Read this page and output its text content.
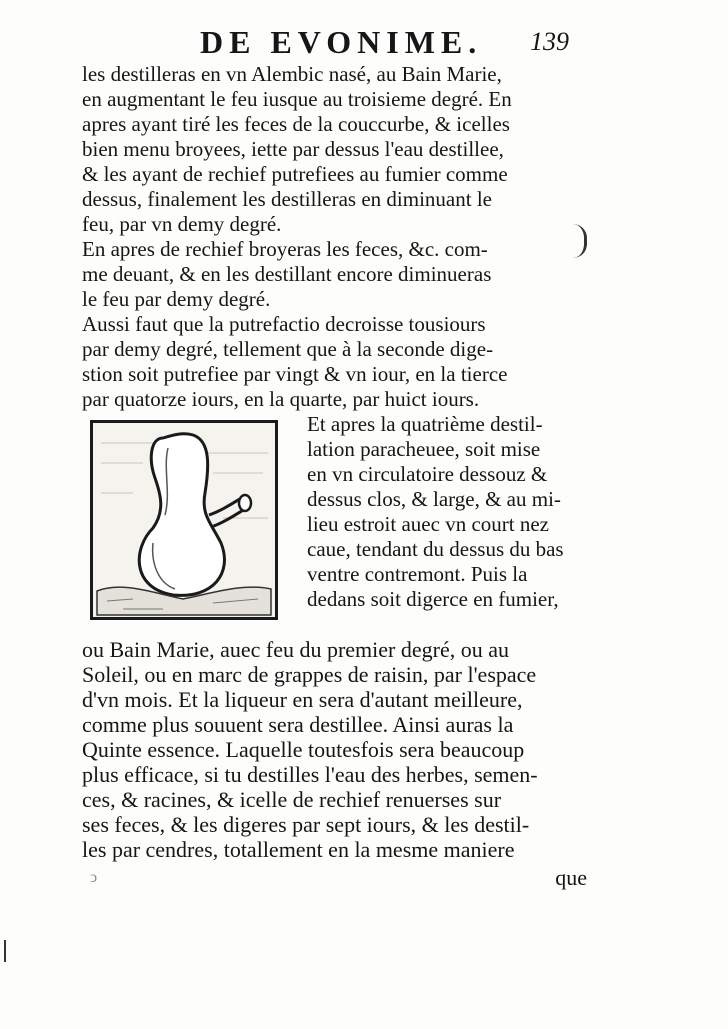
DE EVONIME. 139
les destilleras en vn Alembic nasé, au Bain Marie,
en augmentant le feu iusque au troisieme degré. En
apres ayant tiré les feces de la couccurbe, & icelles
bien menu broyees, iette par dessus l'eau destillee,
& les ayant de rechief putrefiees au fumier comme
dessus, finalement les destilleras en diminuant le
feu, par vn demy degré.
En apres de rechief broyeras les feces, &c. com-
me deuant, & en les destillant encore diminueras
le feu par demy degré.
Aussi faut que la putrefactio decroisse tousiours
par demy degré, tellement que à la seconde dige-
stion soit putrefiee par vingt & vn iour, en la tierce
par quatorze iours, en la quarte, par huict iours.
Et apres la quatrième destil-
lation paracheuee, soit mise
en vn circulatoire dessouz &
dessus clos, & large, & au mi-
lieu estroit auec vn court nez
caue, tendant du dessus du bas
ventre contremont. Puis la
dedans soit digerce en fumier,
ou Bain Marie, auec feu du premier degré, ou au
Soleil, ou en marc de grappes de raisin, par l'espace
d'vn mois. Et la liqueur en sera d'autant meilleure,
comme plus souuent sera destillee. Ainsi auras la
Quinte essence. Laquelle toutesfois sera beaucoup
plus efficace, si tu destilles l'eau des herbes, semen-
ces, & racines, & icelle de rechief renuerses sur
ses feces, & les digeres par sept iours, & les destil-
les par cendres, totallement en la mesme maniere
ↄ	que
